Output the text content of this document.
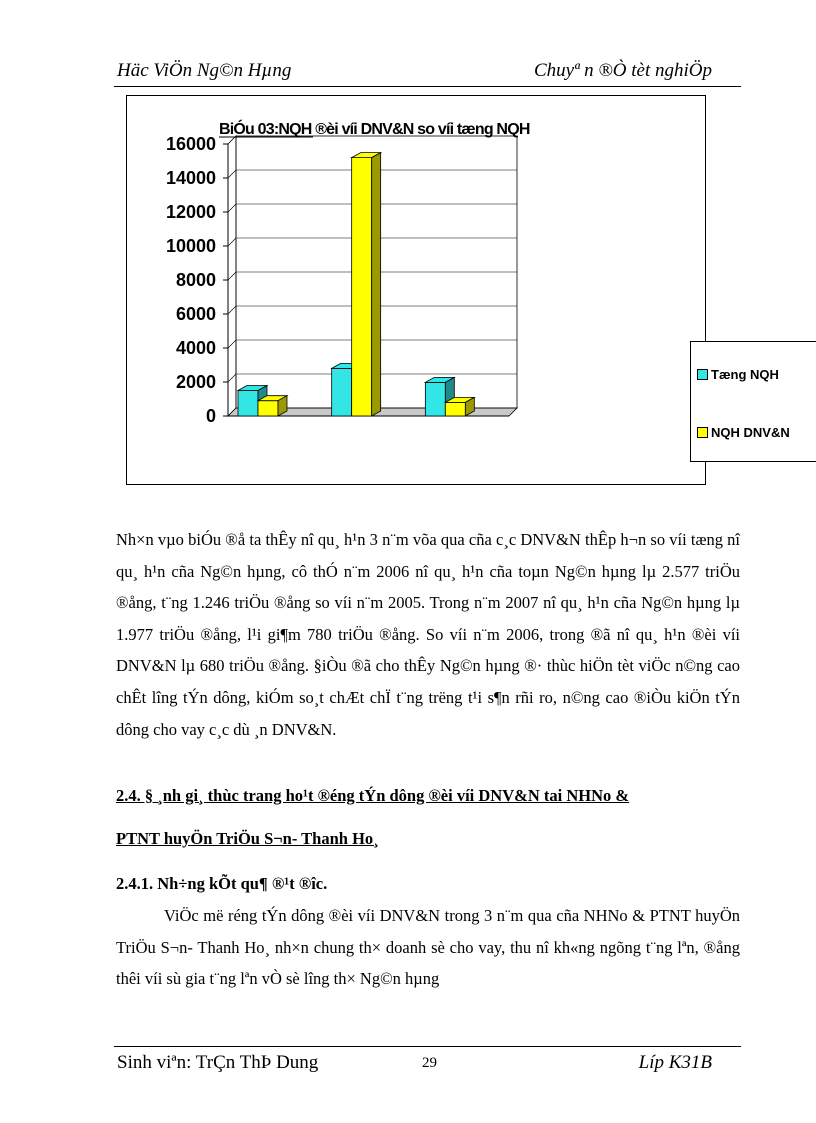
Häc ViÖn Ng©n Hµng	Chuyª n ®Ò tèt nghiÖp
16000
14000
12000
10000
8000
6000
4000
2000
0
BiÓu 03:NQH ®èi víi DNV&N so víi tæng NQH
Tæng NQH
NQH DNV&N
Nh×n vµo biÓu ®å ta thÊy nî qu¸ h¹n 3 n¨m võa qua cña c¸c DNV&N thÊp h¬n so víi tæng nî qu¸ h¹n cña Ng©n hµng, cô thÓ n¨m 2006 nî qu¸ h¹n cña toµn Ng©n hµng lµ 2.577 triÖu ®ång, t¨ng 1.246 triÖu ®ång so víi n¨m 2005. Trong n¨m 2007 nî qu¸ h¹n cña Ng©n hµng lµ 1.977 triÖu ®ång, l¹i gi¶m 780 triÖu ®ång. So víi n¨m 2006, trong ®ã nî qu¸ h¹n ®èi víi DNV&N lµ 680 triÖu ®ång. §iÒu ®ã cho thÊy Ng©n hµng ®· thùc hiÖn tèt viÖc n©ng cao chÊt lîng tÝn dông, kiÓm so¸t chÆt chÏ t¨ng trëng t¹i s¶n rñi ro, n©ng cao ®iÒu kiÖn tÝn dông cho vay c¸c dù ¸n DNV&N.
2.4. § ¸nh gi¸ thùc trang ho¹t ®éng tÝn dông ®èi víi DNV&N tai NHNo &
PTNT huyÖn TriÖu S¬n- Thanh Ho¸
2.4.1. Nh÷ng kÕt qu¶ ®¹t ®îc.
ViÖc më réng tÝn dông ®èi víi DNV&N trong 3 n¨m qua cña NHNo & PTNT huyÖn TriÖu S¬n- Thanh Ho¸ nh×n chung th× doanh sè cho vay, thu nî kh«ng ngõng t¨ng lªn, ®ång thêi víi sù gia t¨ng lªn vÒ sè lîng th× Ng©n hµng
Sinh viªn: TrÇn ThÞ Dung	29	Líp K31B
